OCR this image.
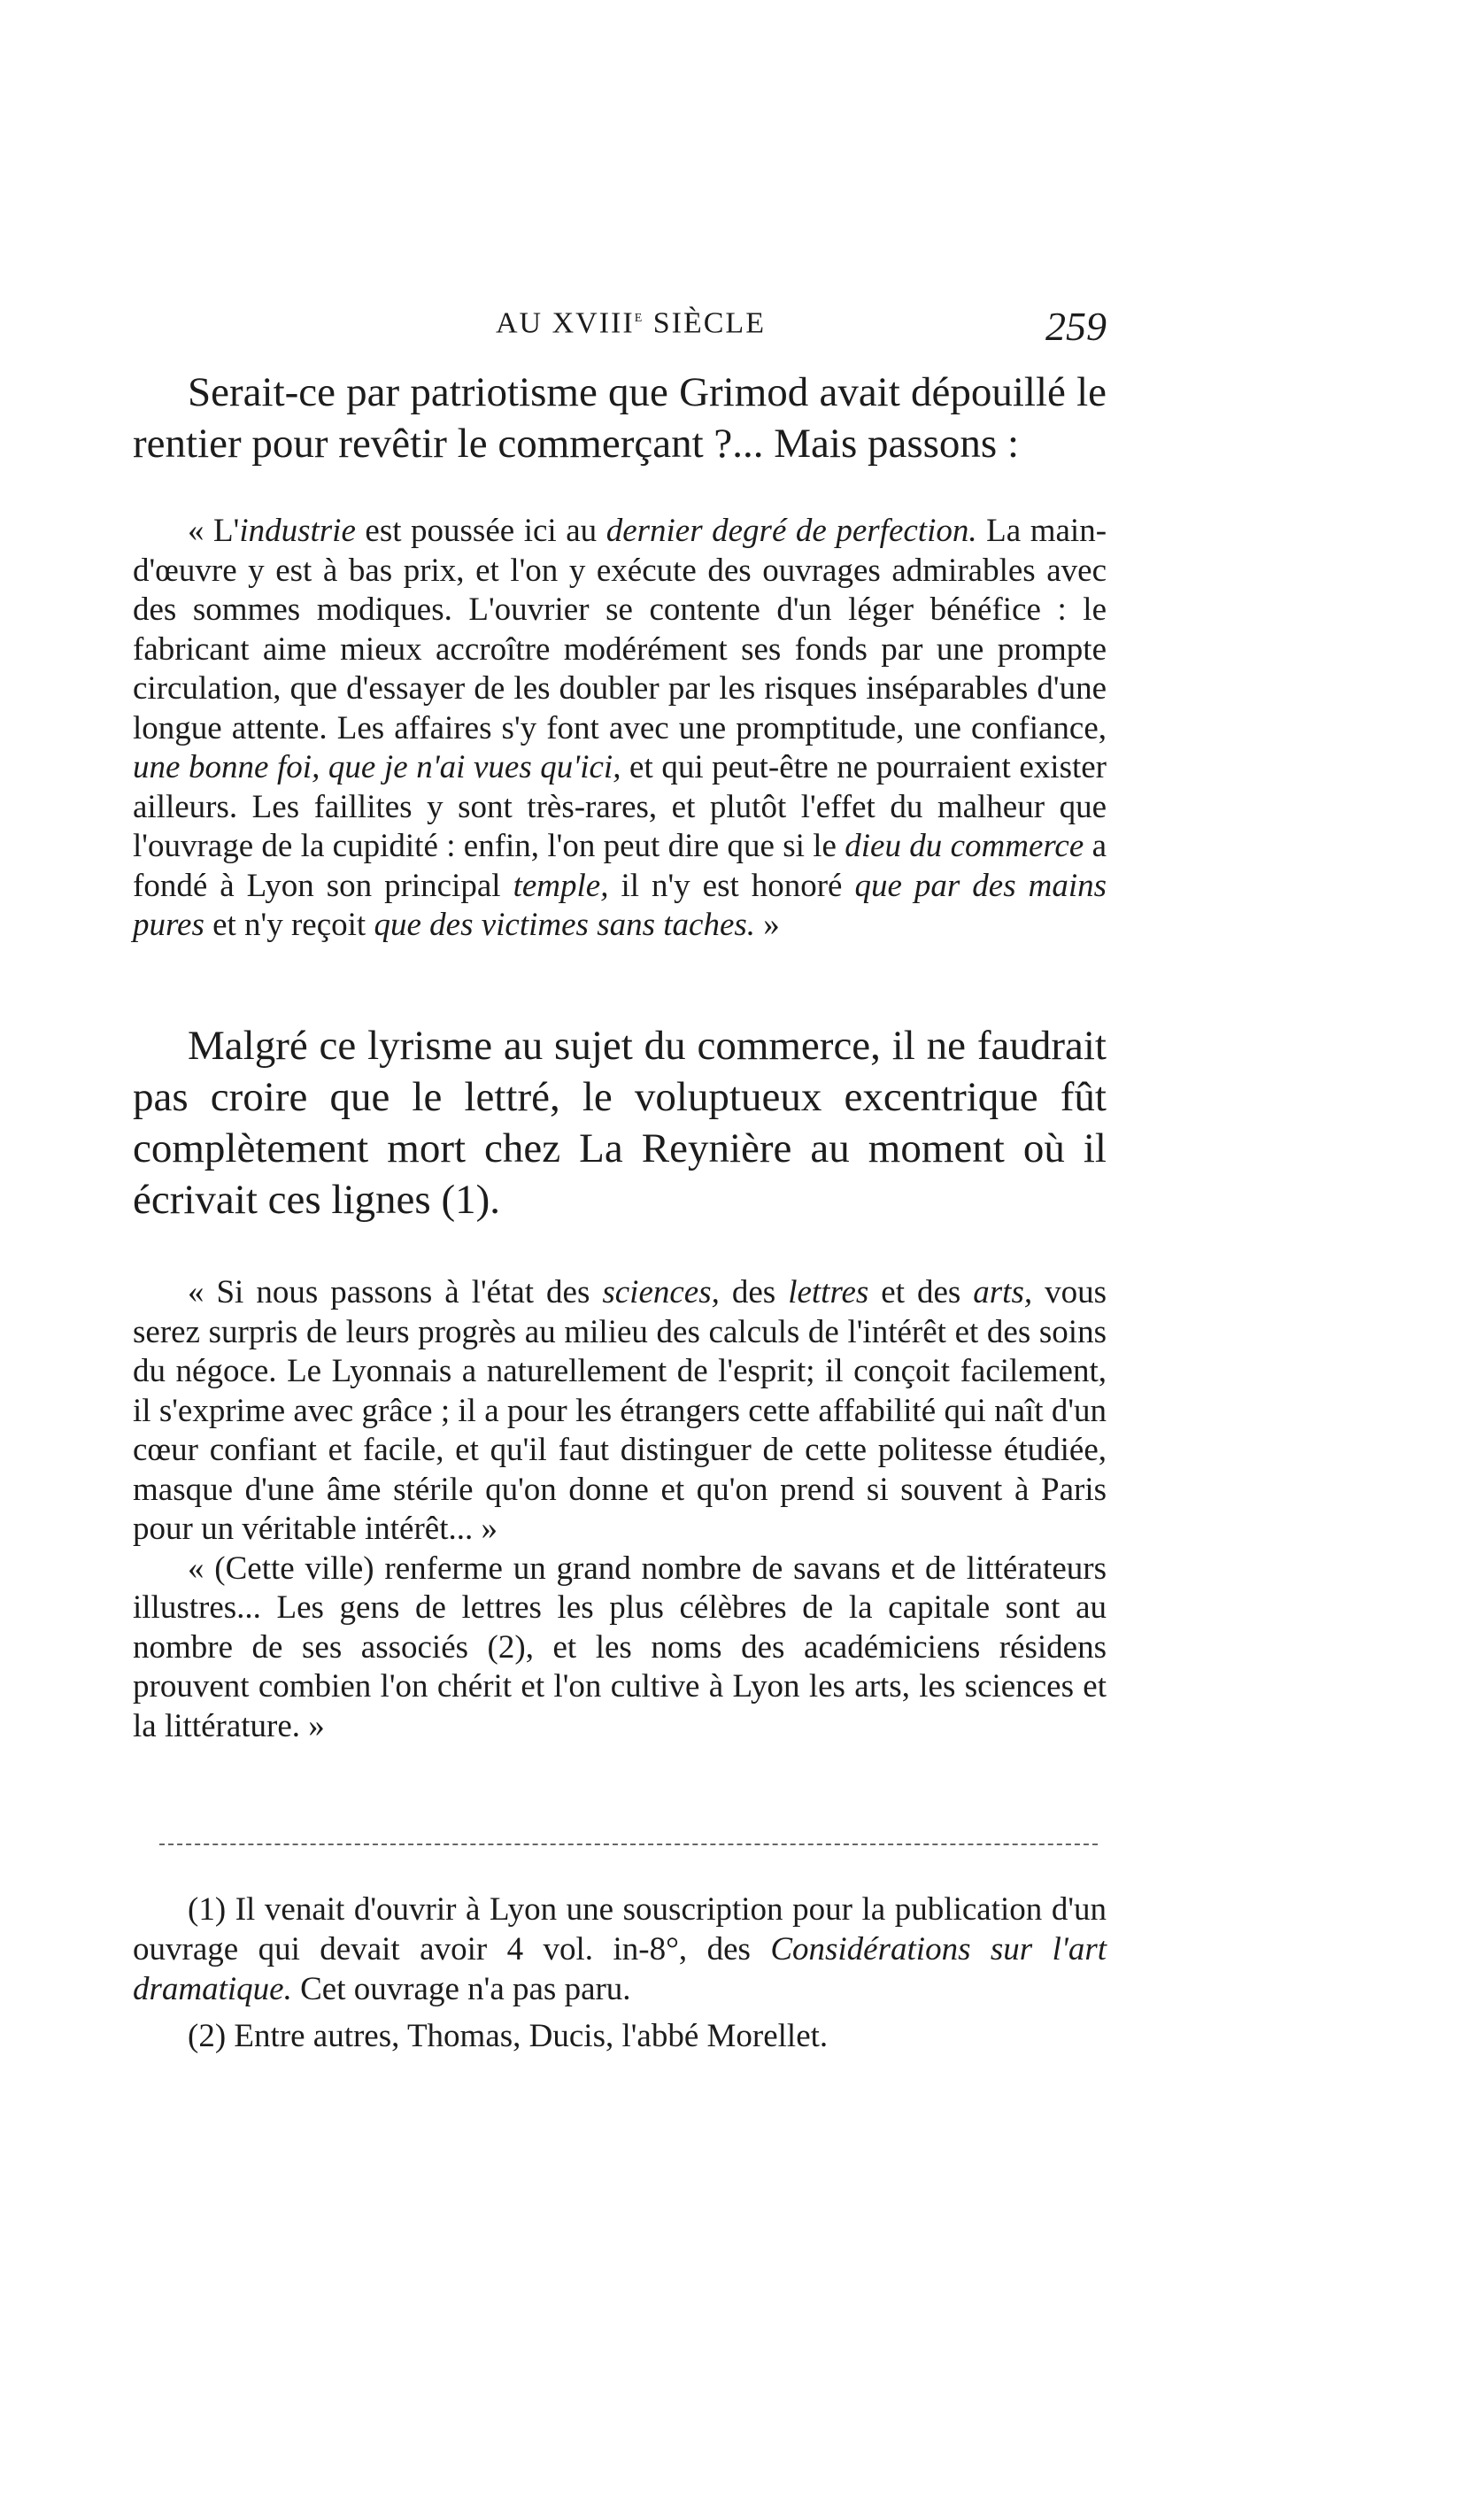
AU XVIIIe SIÈCLE	259
Serait-ce par patriotisme que Grimod avait dépouillé le rentier pour revêtir le commerçant ?... Mais passons :

« L'industrie est poussée ici au dernier degré de perfection. La main-d'œuvre y est à bas prix, et l'on y exécute des ouvrages admirables avec des sommes modiques. L'ouvrier se contente d'un léger bénéfice : le fabricant aime mieux accroître modérément ses fonds par une prompte circulation, que d'essayer de les doubler par les risques inséparables d'une longue attente. Les affaires s'y font avec une promptitude, une confiance, une bonne foi, que je n'ai vues qu'ici, et qui peut-être ne pourraient exister ailleurs. Les faillites y sont très-rares, et plutôt l'effet du malheur que l'ouvrage de la cupidité : enfin, l'on peut dire que si le dieu du commerce a fondé à Lyon son principal temple, il n'y est honoré que par des mains pures et n'y reçoit que des victimes sans taches. »

Malgré ce lyrisme au sujet du commerce, il ne faudrait pas croire que le lettré, le voluptueux excentrique fût complètement mort chez La Reynière au moment où il écrivait ces lignes (1).

« Si nous passons à l'état des sciences, des lettres et des arts, vous serez surpris de leurs progrès au milieu des calculs de l'intérêt et des soins du négoce. Le Lyonnais a naturellement de l'esprit; il conçoit facilement, il s'exprime avec grâce ; il a pour les étrangers cette affabilité qui naît d'un cœur confiant et facile, et qu'il faut distinguer de cette politesse étudiée, masque d'une âme stérile qu'on donne et qu'on prend si souvent à Paris pour un véritable intérêt... »

« (Cette ville) renferme un grand nombre de savans et de littérateurs illustres... Les gens de lettres les plus célèbres de la capitale sont au nombre de ses associés (2), et les noms des académiciens résidens prouvent combien l'on chérit et l'on cultive à Lyon les arts, les sciences et la littérature. »

(1) Il venait d'ouvrir à Lyon une souscription pour la publication d'un ouvrage qui devait avoir 4 vol. in-8°, des Considérations sur l'art dramatique. Cet ouvrage n'a pas paru.

(2) Entre autres, Thomas, Ducis, l'abbé Morellet.
